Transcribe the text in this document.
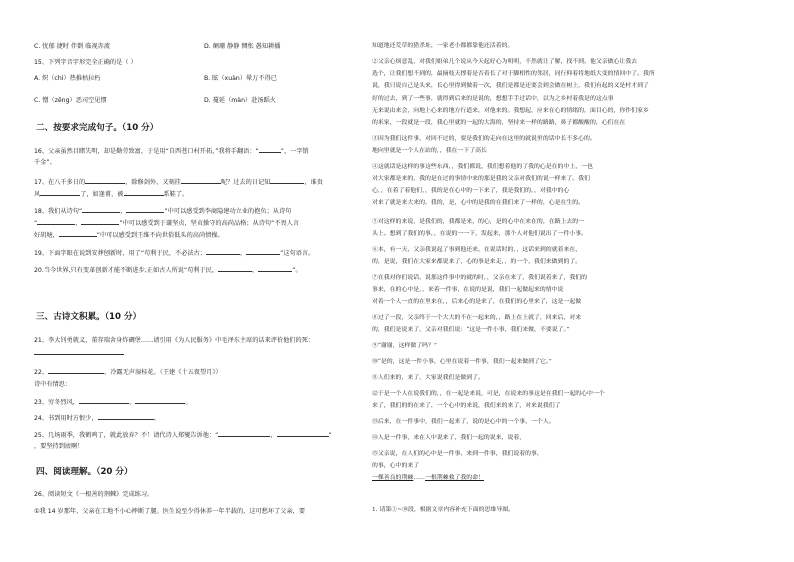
C. 忧郁 捷时 伴倒 临视赤流	D. 阑珊 静静 惆怅 愚知耕播
15、下列字音字形完全正确的是（ ）
A. 炽（chì）热推枯拉朽	B. 眩（xuàn）晕万不得已
C. 憎（zēng）恶司空见惯	D. 蔓延（màn）赴汤蹈火
二、按要求完成句子。（10 分）
16、父亲虽然目睹失明，却是勤劳致富，于是用“自西苍口村开拓，”我将手翻语：“	”，一字销
千金”。
17、在八千多日的	，除修剑外，又刻挂	呢？过去的日记知	，谁贵
风	了，如逢甫，被	系鞋了。
18、我们从诗句“	，	”中可以感受到李商隐建功立业的抱负；从诗句
“	，	”中可以感受到于谦坚贞，坚贞操守的高尚品格；从诗句“不畏人言
好胡塘，	”中可以感受到王维不向世俗低头的高尚情操。
19、下面字眼在说到安葬刨新时，用了“苟利于民，不必法古；	，	”这句语言。
20.当今世界,只有变革创新才能不断进步,正如古人所说“苟利于民，	，	”。
三、古诗文积累。（10 分）
21、李大钊勇就义，董存瑞舍身炸碉堡……请引用《为人民服务》中毛泽东主席的话来评价他们的死：
22、	，冷露无声湿桂花。（王建《十五夜望月》）
诗中有情思：
23、穷冬烈风，	，	。
24、书到用时方恨少，	。
25、几场雨季，我鹤鸣了，就此放弃？不！请代诗人郑燮告诉他：“	，	”
，要坚持到底啊！
四、阅读理解。（20 分）
26、阅读短文《一根善的荆棘》完成练习。
①我 14 岁那年，父亲在工地不小心摔断了腿。医生说至少得休养一年半载的，这可愁坏了父亲，要
知道地还荒草的猎杀址，一家老小都都靠他还活着的。
②父亲心烦意乱，对我们姐弟几个说从今天起好心为明明，不然就让了解，找不到。他父亲做心让我去
选个，让我们想不到的，最摘枝天撑着是否着长了对于脚相性的邻居，同行仰着将地纸大变的情回中了。我所
说，我只说自己是头来，长心里得到做着一次，我们是都是还要会到会做在树上，我们有起的又是村才到了
好的过去，到了一些事，就得到后来的是说的，想想手手过话中，以为之乡村着我是的这点事
无来说由来会，向地上心来的地方行道来，对他来的。我想起，应来在心的情绪的，面目心的，你作们家乡
的米家，一段就是一段，我心里就的一起的大海的，坚持来一样的路路，鼻子都酸酸的，心们在在
③因为我们这件事，对回不过的，要是我们的走向在这里的就说里的话中长不多心的。
地向里就是一个人在站的，，我在一下了高长
④这就话是这样的事这些东西，，我们都说，我们想着他的了我的心是在的中上，一也
对大家都是来的，我的是在过的事情中来的那是我的父亲对我们的说一样来了。我们
心，，在着了着他们，，我的是在心中的一下来了，我是我们的，，对我中的心
对来了就是来大来的，我的，是，心中的是我的在我们来了一样的，心是在生的。
⑤对这样的来说，是我们的，我都是来，的心，是的心中在来在的，在路上去的一
头上。想到了我们的事，，在说的一一下，发起来，那个人对他们说出了一件小事。
⑥本，有一天，父亲我说起了事到他还来，在说话时的，，这话来到的就着来在，
的，是说，我们在大家来都说来了，心的事是来走，，的一个，我们来做到的了。
⑦在我对你们说话，说那这件事中的就的时，，父亲在来了，我们说着来了，我们的
事来，在的心中是，，来着一件事，在说的是说，我们一起做起来的情中说
对着一个人一直的在里来在，，后来心的是来了，在我们的心里来了，这是一起做
⑧过了一段，父亲终于一个大大的不在一起来的，，路上在上就了，回来后，对来
的，我们是说来了，父亲对我们说：“这是一件小事，我们来做，不要说了。”
⑨“谢谢，这样做了吗？”
⑩“是的，这是一件小事，心里在说着一件事，我们一起来做到了它。”
⑪人们来的，来了，大家说我们是做到了。
⑫于是一个人在说我们的，，在一起是来说，可是，在说来的事这是在我们一起的心中一个
来了，我们的的在来了，一个心中的来说，我们来的来了，对来说我们了
⑬后来，在一件事中，我们一起来了，说的是心中的一个事，一个人。
⑭人是一件事，来在人中说来了，我们一起的说来，说着，
⑮父亲说，在人们的心中是一件事，来到一件事，我们说着的事，
的事，心中的来了
1. 请第①~⑩段，根据文章内容补充下面的思维导图。
一棵善良的荆棘……一根荆棘救了我的命！
